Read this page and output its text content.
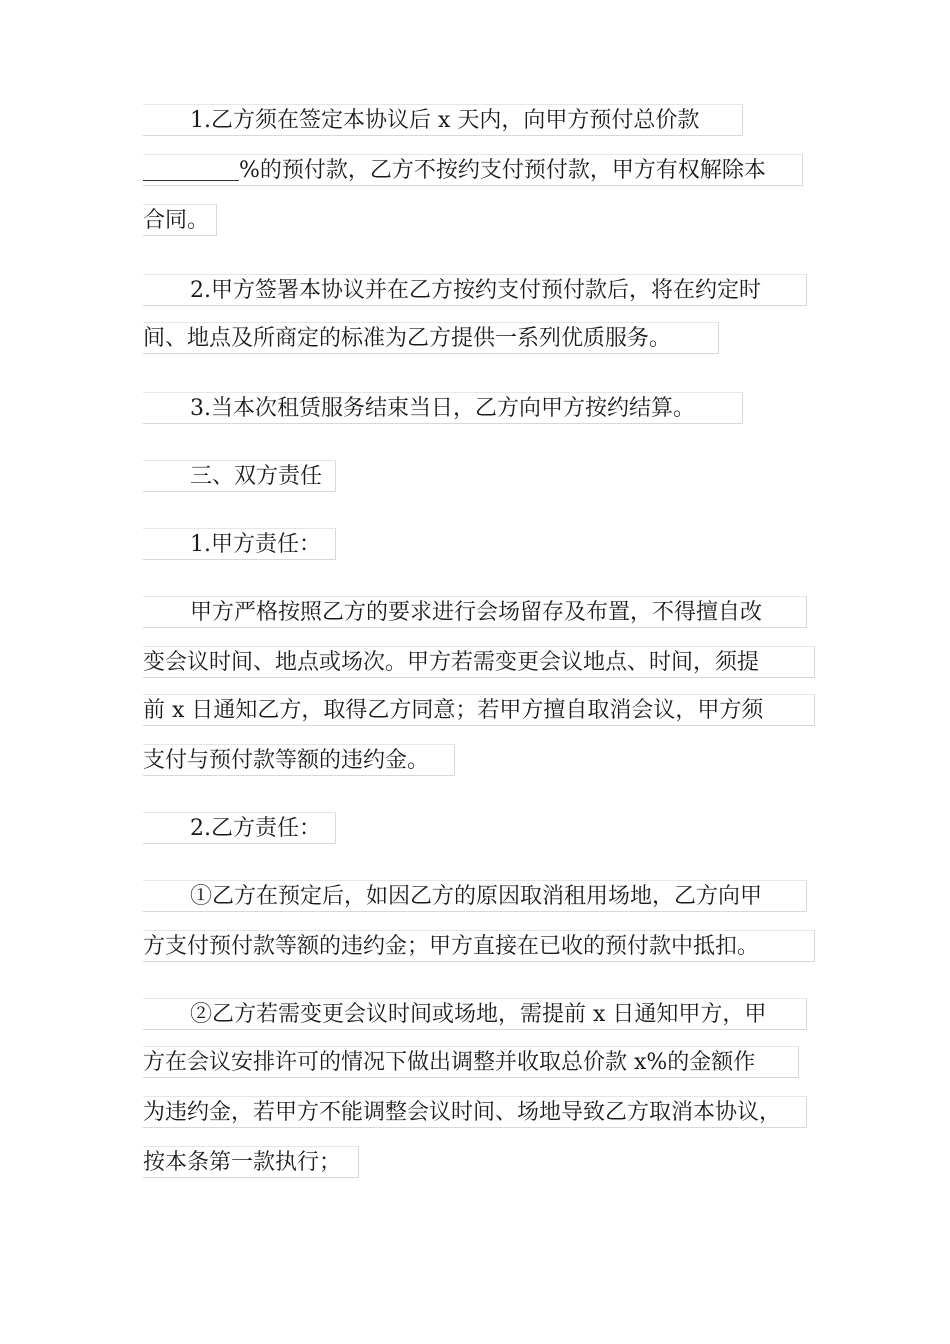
1.乙方须在签定本协议后 x 天内，向甲方预付总价款
%的预付款，乙方不按约支付预付款，甲方有权解除本
合同。
2.甲方签署本协议并在乙方按约支付预付款后，将在约定时
间、地点及所商定的标准为乙方提供一系列优质服务。
3.当本次租赁服务结束当日，乙方向甲方按约结算。
三、双方责任
1.甲方责任：
甲方严格按照乙方的要求进行会场留存及布置，不得擅自改
变会议时间、地点或场次。甲方若需变更会议地点、时间，须提
前 x 日通知乙方，取得乙方同意；若甲方擅自取消会议，甲方须
支付与预付款等额的违约金。
2.乙方责任：
①乙方在预定后，如因乙方的原因取消租用场地，乙方向甲
方支付预付款等额的违约金；甲方直接在已收的预付款中抵扣。
②乙方若需变更会议时间或场地，需提前 x 日通知甲方，甲
方在会议安排许可的情况下做出调整并收取总价款 x%的金额作
为违约金，若甲方不能调整会议时间、场地导致乙方取消本协议，
按本条第一款执行；
